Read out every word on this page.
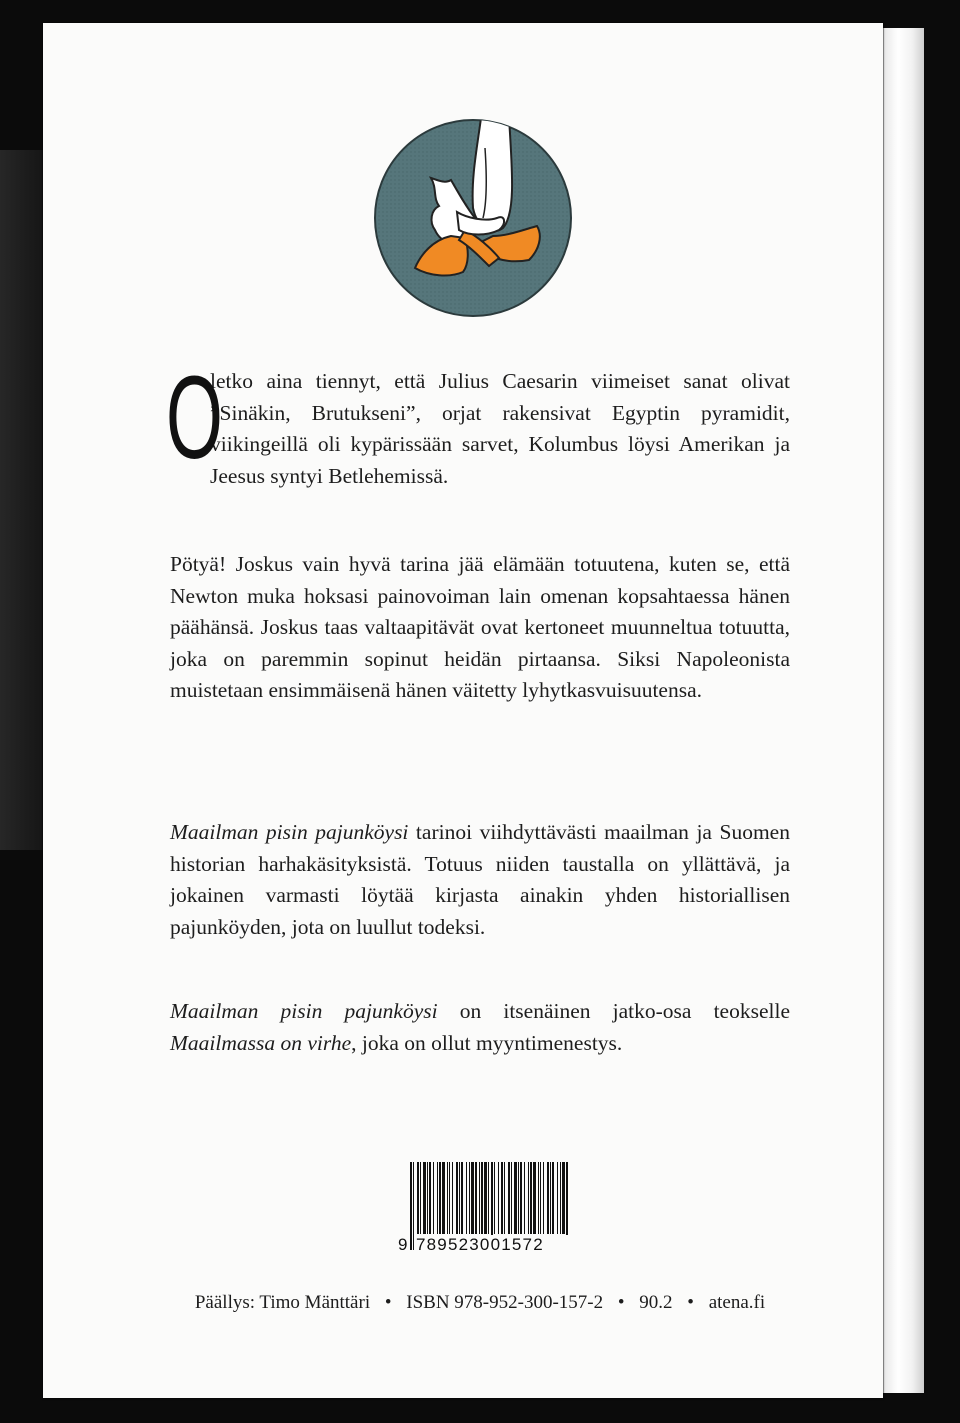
O
letko aina tiennyt, että Julius Caesarin viimeiset sanat olivat ”Sinäkin, Brutukseni”, orjat rakensivat Egyptin pyramidit, viikingeillä oli kypärissään sarvet, Kolumbus löysi Amerikan ja Jeesus syntyi Betlehemissä.

Pötyä! Joskus vain hyvä tarina jää elämään totuutena, kuten se, että Newton muka hoksasi painovoiman lain omenan kopsahtaessa hänen päähänsä. Joskus taas valtaapitävät ovat kertoneet muunneltua totuutta, joka on paremmin sopinut heidän pirtaansa. Siksi Napoleonista muistetaan ensimmäisenä hänen väitetty lyhytkasvuisuutensa.

Maailman pisin pajunköysi tarinoi viihdyttävästi maailman ja Suomen historian harhakäsityksistä. Totuus niiden taustalla on yllättävä, ja jokainen varmasti löytää kirjasta ainakin yhden historiallisen pajunköyden, jota on luullut todeksi.

Maailman pisin pajunköysi on itsenäinen jatko-osa teokselle Maailmassa on virhe, joka on ollut myyntimenestys.

9 789523001572
Päällys: Timo Mänttäri • ISBN 978-952-300-157-2 • 90.2 • atena.fi
